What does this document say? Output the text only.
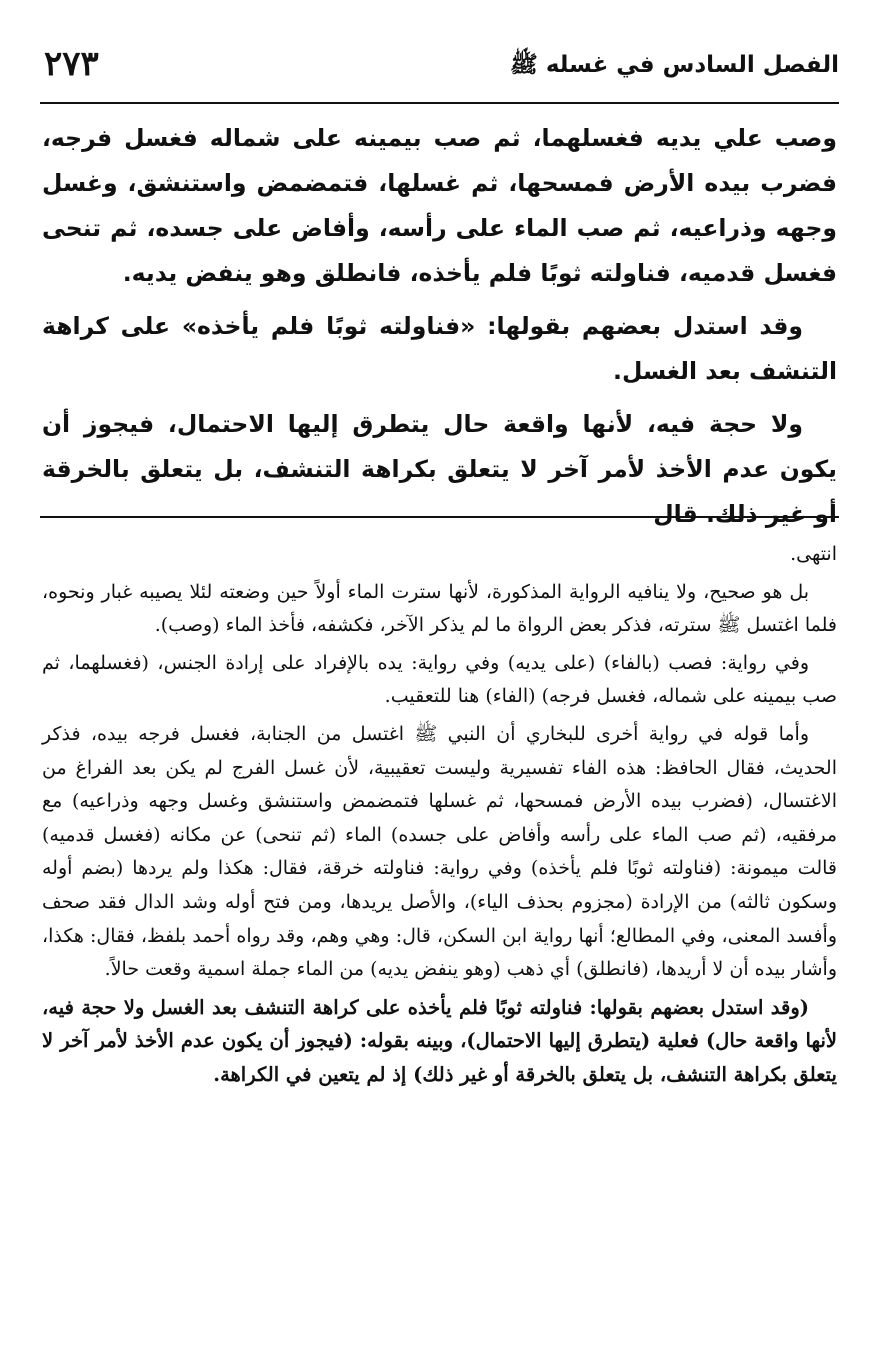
الفصل السادس في غسله ﷺ
٢٧٣

وصب علي يديه فغسلهما، ثم صب بيمينه على شماله فغسل فرجه، فضرب بيده الأرض فمسحها، ثم غسلها، فتمضمض واستنشق، وغسل وجهه وذراعيه، ثم صب الماء على رأسه، وأفاض على جسده، ثم تنحى فغسل قدميه، فناولته ثوبًا فلم يأخذه، فانطلق وهو ينفض يديه.

وقد استدل بعضهم بقولها: «فناولته ثوبًا فلم يأخذه» على كراهة التنشف بعد الغسل.

ولا حجة فيه، لأنها واقعة حال يتطرق إليها الاحتمال، فيجوز أن يكون عدم الأخذ لأمر آخر لا يتعلق بكراهة التنشف، بل يتعلق بالخرقة أو غير ذلك. قال

انتهى.

بل هو صحيح، ولا ينافيه الرواية المذكورة، لأنها سترت الماء أولاً حين وضعته لئلا يصيبه غبار ونحوه، فلما اغتسل ﷺ سترته، فذكر بعض الرواة ما لم يذكر الآخر، فكشفه، فأخذ الماء (وصب).

وفي رواية: فصب (بالفاء) (على يديه) وفي رواية: يده بالإفراد على إرادة الجنس، (فغسلهما، ثم صب بيمينه على شماله، فغسل فرجه) (الفاء) هنا للتعقيب.

وأما قوله في رواية أخرى للبخاري أن النبي ﷺ اغتسل من الجنابة، فغسل فرجه بيده، فذكر الحديث، فقال الحافظ: هذه الفاء تفسيرية وليست تعقيبية، لأن غسل الفرج لم يكن بعد الفراغ من الاغتسال، (فضرب بيده الأرض فمسحها، ثم غسلها فتمضمض واستنشق وغسل وجهه وذراعيه) مع مرفقيه، (ثم صب الماء على رأسه وأفاض على جسده) الماء (ثم تنحى) عن مكانه (فغسل قدميه) قالت ميمونة: (فناولته ثوبًا فلم يأخذه) وفي رواية: فناولته خرقة، فقال: هكذا ولم يردها (بضم أوله وسكون ثالثه) من الإرادة (مجزوم بحذف الياء)، والأصل يريدها، ومن فتح أوله وشد الدال فقد صحف وأفسد المعنى، وفي المطالع؛ أنها رواية ابن السكن، قال: وهي وهم، وقد رواه أحمد بلفظ، فقال: هكذا، وأشار بيده أن لا أريدها، (فانطلق) أي ذهب (وهو ينفض يديه) من الماء جملة اسمية وقعت حالاً.

(وقد استدل بعضهم بقولها: فناولته ثوبًا فلم يأخذه على كراهة التنشف بعد الغسل ولا حجة فيه، لأنها واقعة حال) فعلية (يتطرق إليها الاحتمال)، وبينه بقوله: (فيجوز أن يكون عدم الأخذ لأمر آخر لا يتعلق بكراهة التنشف، بل يتعلق بالخرقة أو غير ذلك) إذ لم يتعين في الكراهة.
